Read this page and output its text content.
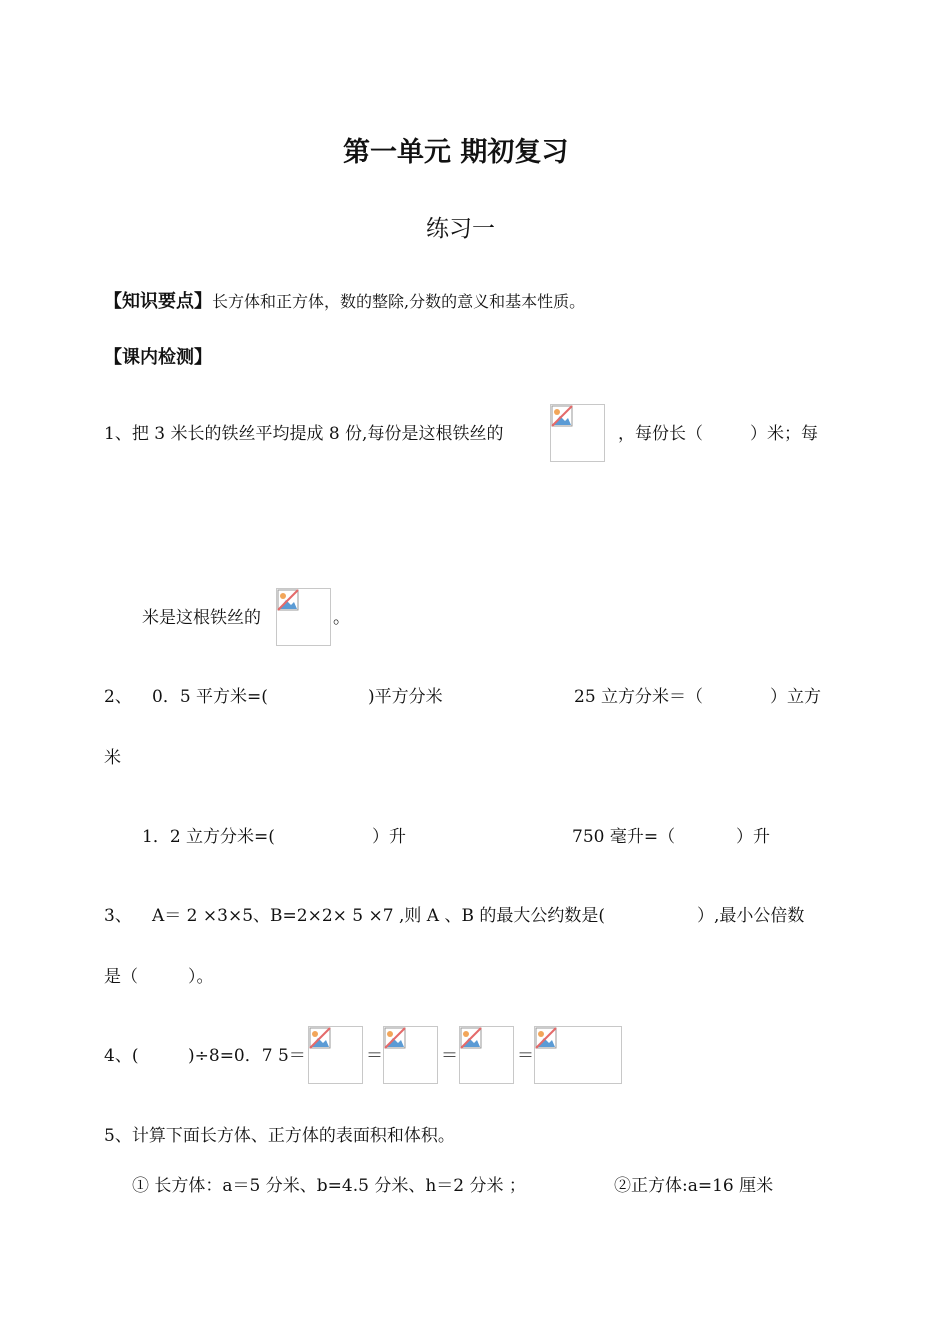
第一单元 期初复习
练习一
【知识要点】长方体和正方体，数的整除,分数的意义和基本性质。
【课内检测】
1、把 3 米长的铁丝平均提成 8 份,每份是这根铁丝的	，每份长（	）米；每
米是这根铁丝的	。
2、 0．5 平方米=(	)平方分米	25 立方分米＝（	）立方
米
1．2 立方分米=(	）升	750 毫升=（	）升
3、 A＝ 2 ×3×5、B=2×2× 5 ×7 ,则 A 、B 的最大公约数是(	）,最小公倍数
是（	）。
4、(	)÷8=0．7 5＝	＝	＝	＝
5、计算下面长方体、正方体的表面积和体积。
① 长方体：a＝5 分米、b=4.5 分米、h＝2 分米 ；	②正方体:a=16 厘米
